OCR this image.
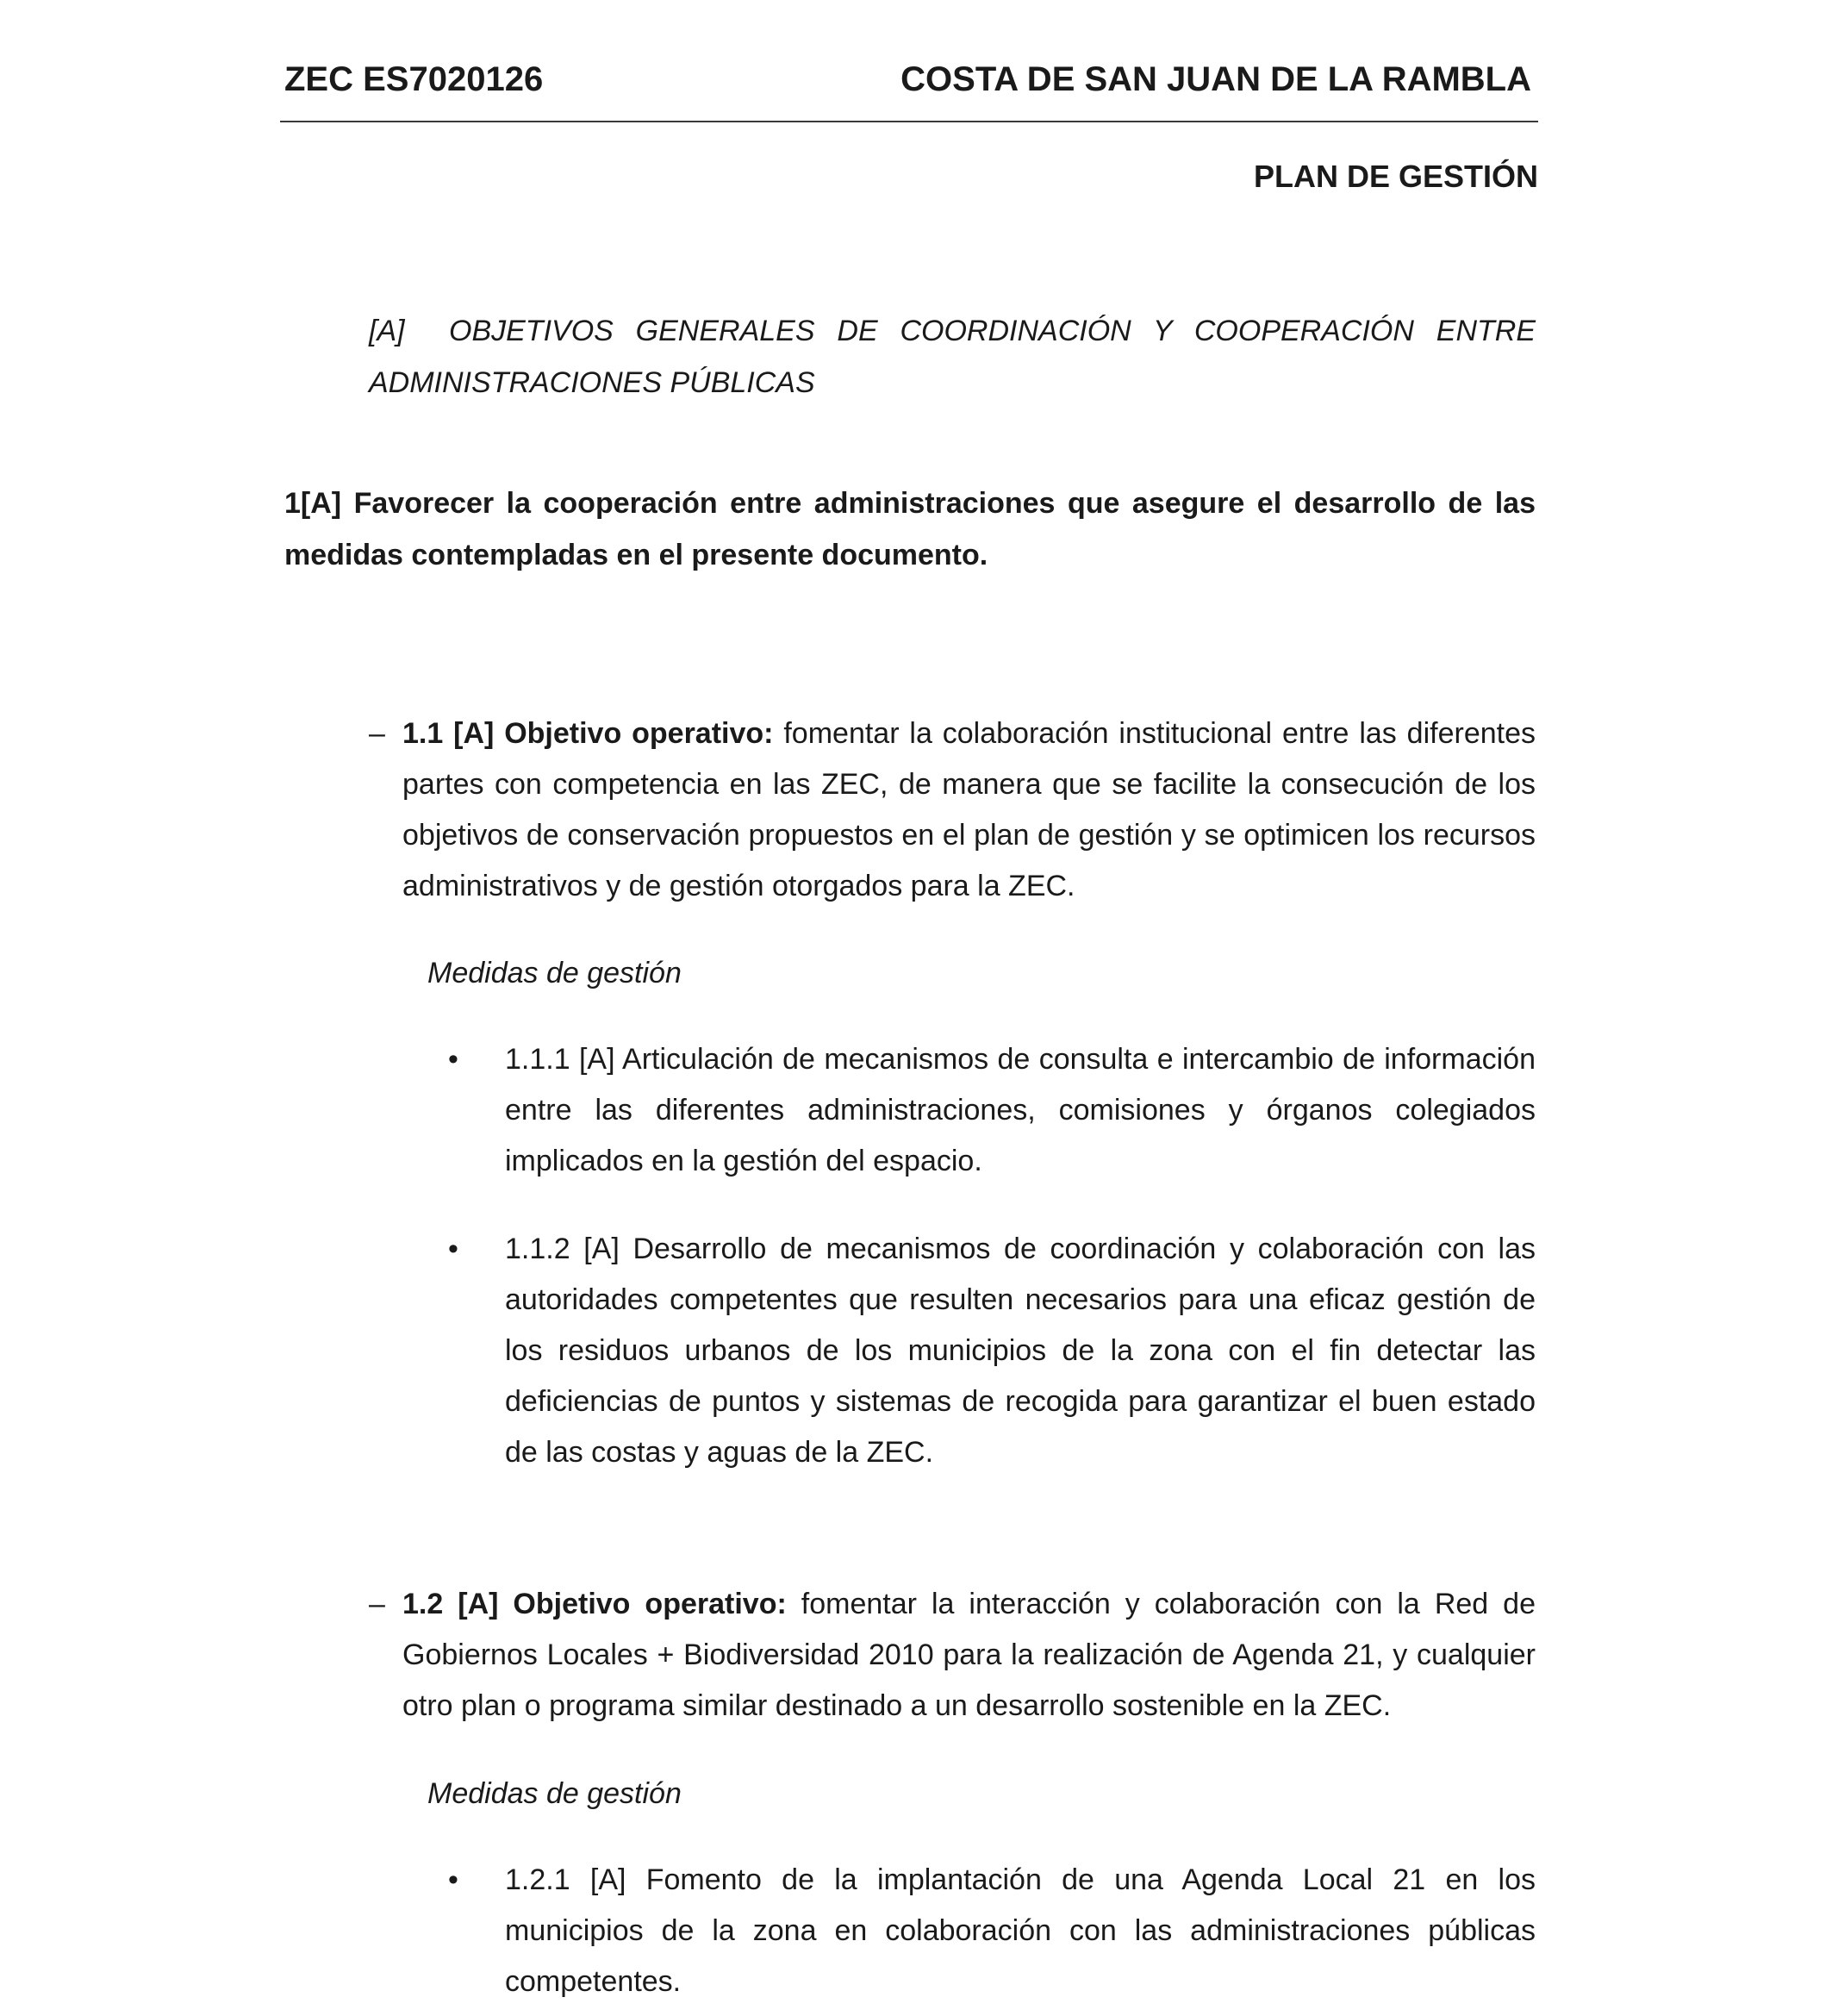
ZEC ES7020126	COSTA DE SAN JUAN DE LA RAMBLA
PLAN DE GESTIÓN
[A] OBJETIVOS GENERALES DE COORDINACIÓN Y COOPERACIÓN ENTRE ADMINISTRACIONES PÚBLICAS
1[A] Favorecer la cooperación entre administraciones que asegure el desarrollo de las medidas contempladas en el presente documento.
– 1.1 [A] Objetivo operativo: fomentar la colaboración institucional entre las diferentes partes con competencia en las ZEC, de manera que se facilite la consecución de los objetivos de conservación propuestos en el plan de gestión y se optimicen los recursos administrativos y de gestión otorgados para la ZEC.
Medidas de gestión
• 1.1.1 [A] Articulación de mecanismos de consulta e intercambio de información entre las diferentes administraciones, comisiones y órganos colegiados implicados en la gestión del espacio.
• 1.1.2 [A] Desarrollo de mecanismos de coordinación y colaboración con las autoridades competentes que resulten necesarios para una eficaz gestión de los residuos urbanos de los municipios de la zona con el fin detectar las deficiencias de puntos y sistemas de recogida para garantizar el buen estado de las costas y aguas de la ZEC.
– 1.2 [A] Objetivo operativo: fomentar la interacción y colaboración con la Red de Gobiernos Locales + Biodiversidad 2010 para la realización de Agenda 21, y cualquier otro plan o programa similar destinado a un desarrollo sostenible en la ZEC.
Medidas de gestión
• 1.2.1 [A] Fomento de la implantación de una Agenda Local 21 en los municipios de la zona en colaboración con las administraciones públicas competentes.
